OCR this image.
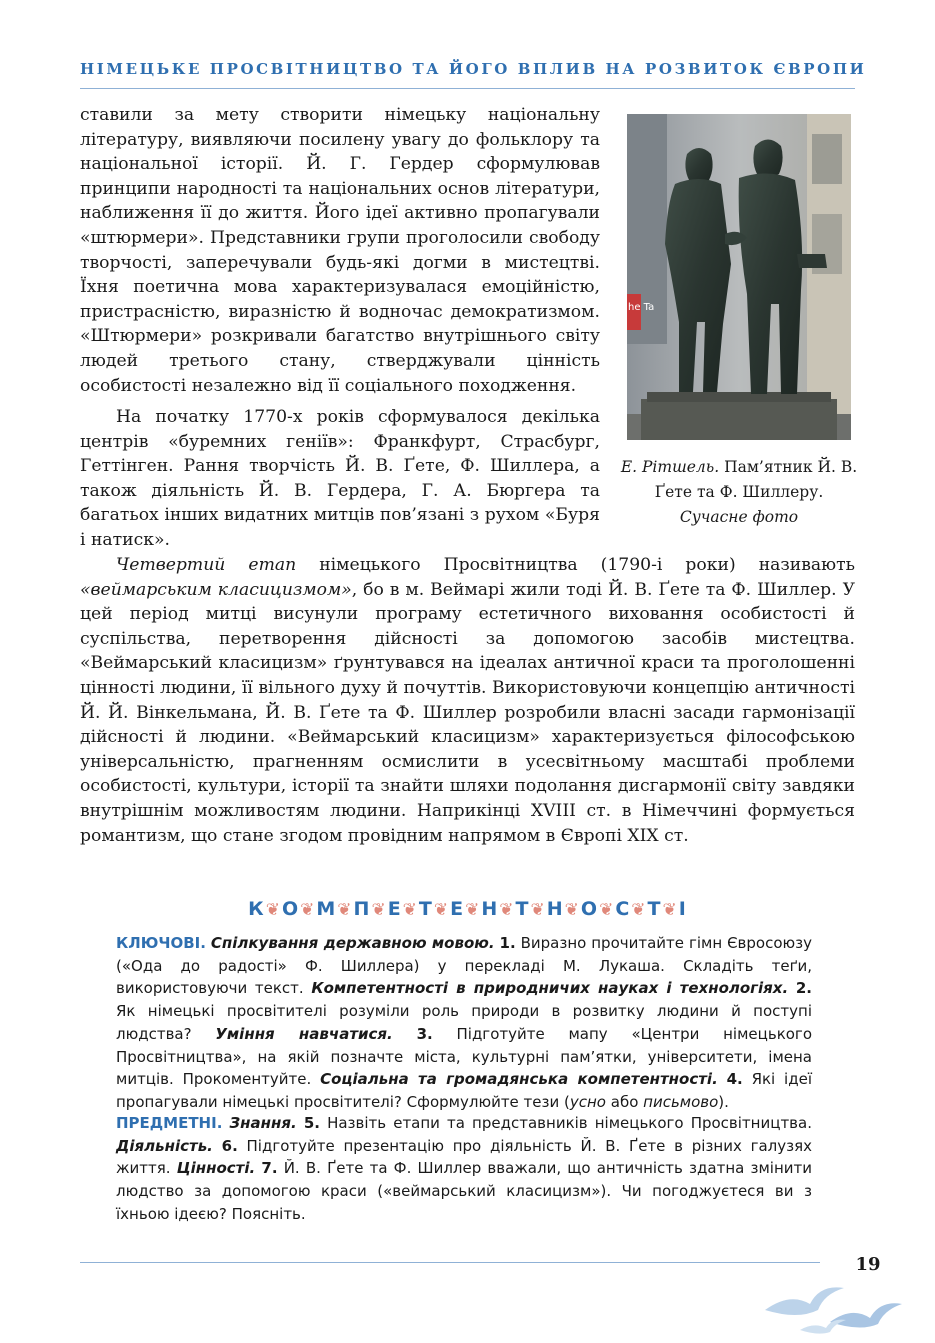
НІМЕЦЬКЕ ПРОСВІТНИЦТВО ТА ЙОГО ВПЛИВ НА РОЗВИТОК ЄВРОПИ

ставили за мету створити німецьку національну літературу, виявляючи посилену увагу до фольклору та національної історії. Й. Г. Гердер сформулював принципи народності та національних основ літератури, наближення її до життя. Його ідеї активно пропагували «штюрмери». Представники групи проголосили свободу творчості, заперечували будь-які догми в мистецтві. Їхня поетична мова характеризувалася емоційністю, пристрасністю, виразністю й водночас демократизмом. «Штюрмери» розкривали багатство внутрішнього світу людей третього стану, стверджували цінність особистості незалежно від її соціального походження.

На початку 1770-х років сформувалося декілька центрів «буремних геніїв»: Франкфурт, Страсбург, Геттінген. Рання творчість Й. В. Ґете, Ф. Шиллера, а також діяльність Й. В. Гердера, Г. А. Бюргера та багатьох інших видатних митців пов’язані з рухом «Буря і натиск».

he Ta
Е. Рітшель. Пам’ятник Й. В. Ґете та Ф. Шиллеру.
Сучасне фото

Четвертий етап німецького Просвітництва (1790-і роки) називають «веймарським класицизмом», бо в м. Веймарі жили тоді Й. В. Ґете та Ф. Шиллер. У цей період митці висунули програму естетичного виховання особистості й суспільства, перетворення дійсності за допомогою засобів мистецтва. «Веймарський класицизм» ґрунтувався на ідеалах античної краси та проголошенні цінності людини, її вільного духу й почуттів. Використовуючи концепцію античності Й. Й. Вінкельмана, Й. В. Ґете та Ф. Шиллер розробили власні засади гармонізації дійсності й людини. «Веймарський класицизм» характеризується філософською універсальністю, прагненням осмислити в усесвітньому масштабі проблеми особистості, культури, історії та знайти шляхи подолання дисгармонії світу завдяки внутрішнім можливостям людини. Наприкінці XVIII ст. в Німеччині формується романтизм, що стане згодом провідним напрямом в Європі XIX ст.

К❦О❦М❦П❦Е❦Т❦Е❦Н❦Т❦Н❦О❦С❦Т❦І

КЛЮЧОВІ. Спілкування державною мовою. 1. Виразно прочитайте гімн Євросоюзу («Ода до радості» Ф. Шиллера) у перекладі М. Лукаша. Складіть теґи, використовуючи текст. Компетентності в природничих науках і технологіях. 2. Як німецькі просвітителі розуміли роль природи в розвитку людини й поступі людства? Уміння навчатися. 3. Підготуйте мапу «Центри німецького Просвітництва», на якій позначте міста, культурні пам’ятки, університети, імена митців. Прокоментуйте. Соціальна та громадянська компетентності. 4. Які ідеї пропагували німецькі просвітителі? Сформулюйте тези (усно або письмово).

ПРЕДМЕТНІ. Знання. 5. Назвіть етапи та представників німецького Просвітництва. Діяльність. 6. Підготуйте презентацію про діяльність Й. В. Ґете в різних галузях життя. Цінності. 7. Й. В. Ґете та Ф. Шиллер вважали, що античність здатна змінити людство за допомогою краси («веймарський класицизм»). Чи погоджуєтеся ви з їхньою ідеєю? Поясніть.

19
